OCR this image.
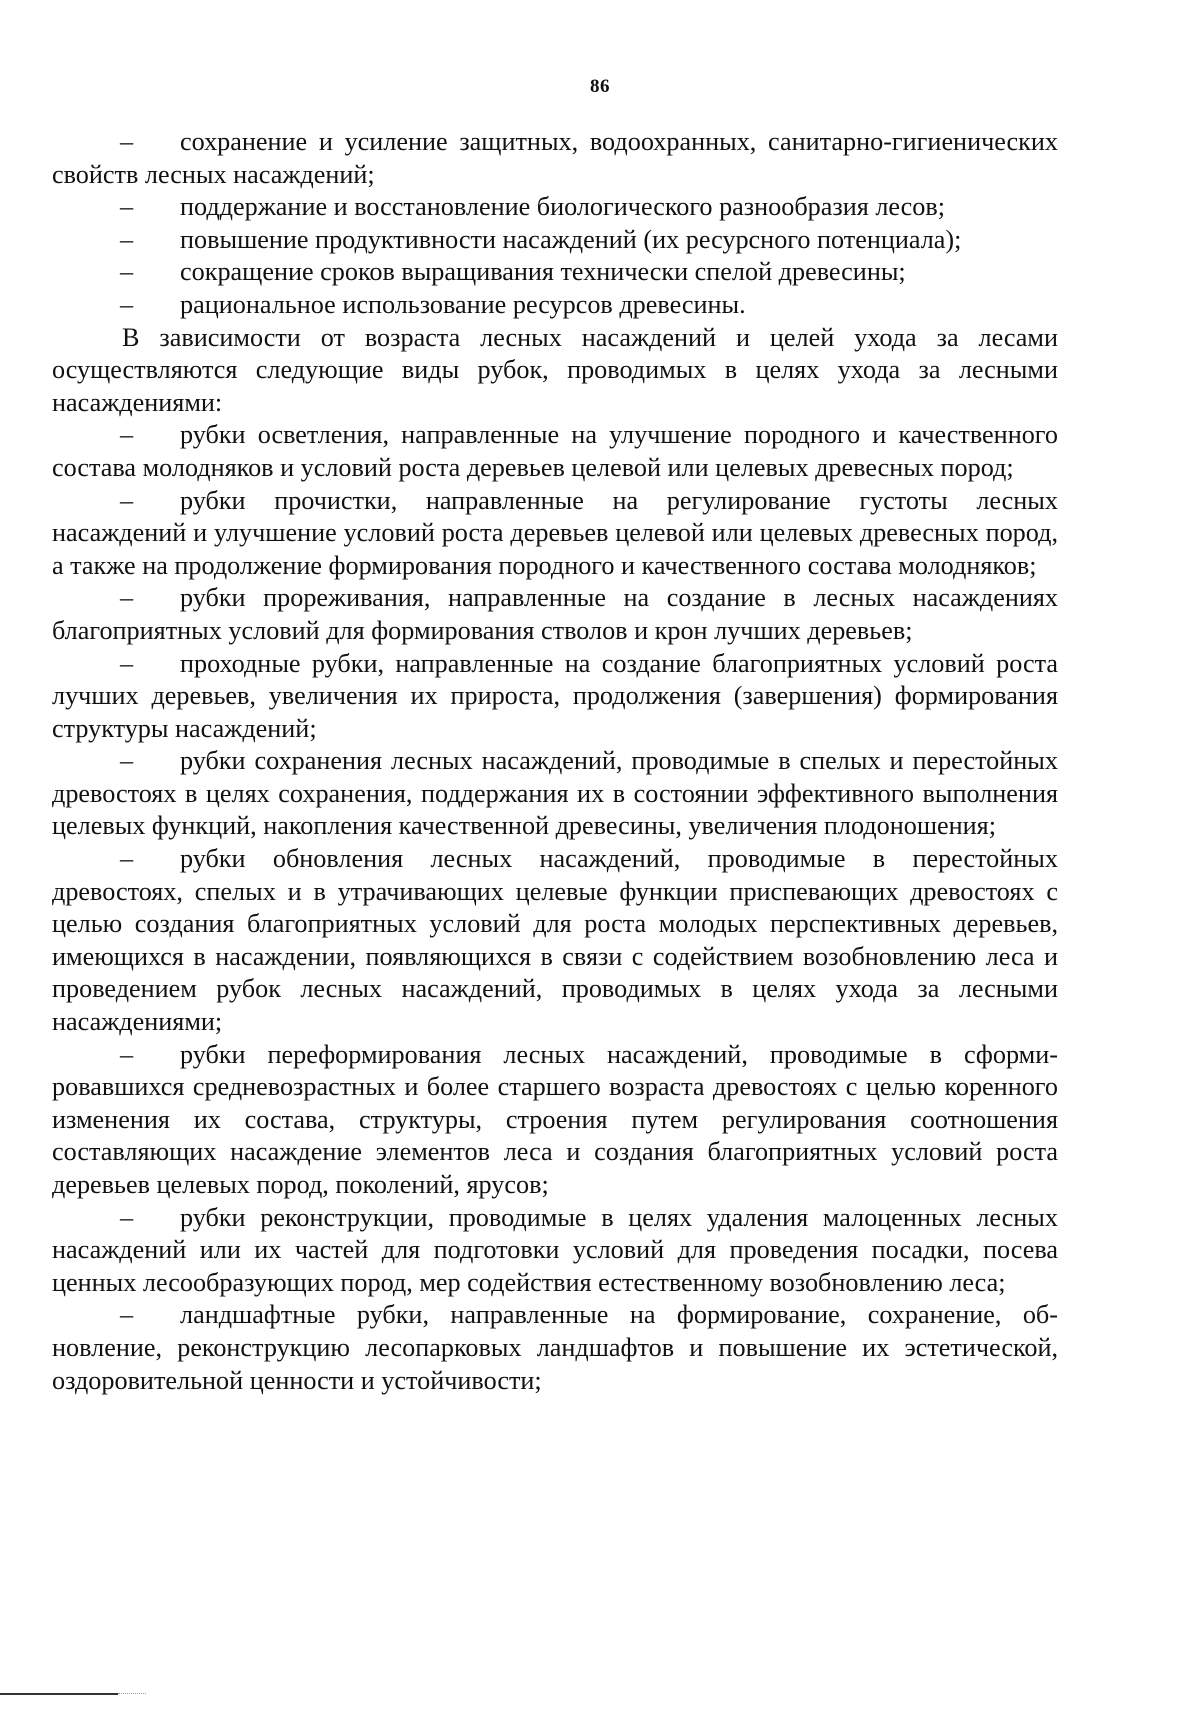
86

– сохранение и усиление защитных, водоохранных, санитарно-гигиенических свойств лесных насаждений;

– поддержание и восстановление биологического разнообразия лесов;

– повышение продуктивности насаждений (их ресурсного потенциала);

– сокращение сроков выращивания технически спелой древесины;

– рациональное использование ресурсов древесины.

В зависимости от возраста лесных насаждений и целей ухода за лесами осуществляются следующие виды рубок, проводимых в целях ухода за лесными насаждениями:

– рубки осветления, направленные на улучшение породного и качественного состава молодняков и условий роста деревьев целевой или целевых древесных пород;

– рубки прочистки, направленные на регулирование густоты лесных насаждений и улучшение условий роста деревьев целевой или целевых древесных пород, а также на продолжение формирования породного и качественного состава молодняков;

– рубки прореживания, направленные на создание в лесных насаждениях благоприятных условий для формирования стволов и крон лучших деревьев;

– проходные рубки, направленные на создание благоприятных условий роста лучших деревьев, увеличения их прироста, продолжения (завершения) формирования структуры насаждений;

– рубки сохранения лесных насаждений, проводимые в спелых и перестойных древостоях в целях сохранения, поддержания их в состоянии эффективного выполнения целевых функций, накопления качественной древесины, увеличения плодоношения;

– рубки обновления лесных насаждений, проводимые в перестойных древостоях, спелых и в утрачивающих целевые функции приспевающих древостоях с целью создания благоприятных условий для роста молодых перспективных деревьев, имеющихся в насаждении, появляющихся в связи с содействием возобновлению леса и проведением рубок лесных насаждений, проводимых в целях ухода за лесными насаждениями;

– рубки переформирования лесных насаждений, проводимые в сформировавшихся средневозрастных и более старшего возраста древостоях с целью коренного изменения их состава, структуры, строения путем регулирования соотношения составляющих насаждение элементов леса и создания благоприятных условий роста деревьев целевых пород, поколений, ярусов;

– рубки реконструкции, проводимые в целях удаления малоценных лесных насаждений или их частей для подготовки условий для проведения посадки, посева ценных лесообразующих пород, мер содействия естественному возобновлению леса;

– ландшафтные рубки, направленные на формирование, сохранение, обновление, реконструкцию лесопарковых ландшафтов и повышение их эстетической, оздоровительной ценности и устойчивости;
